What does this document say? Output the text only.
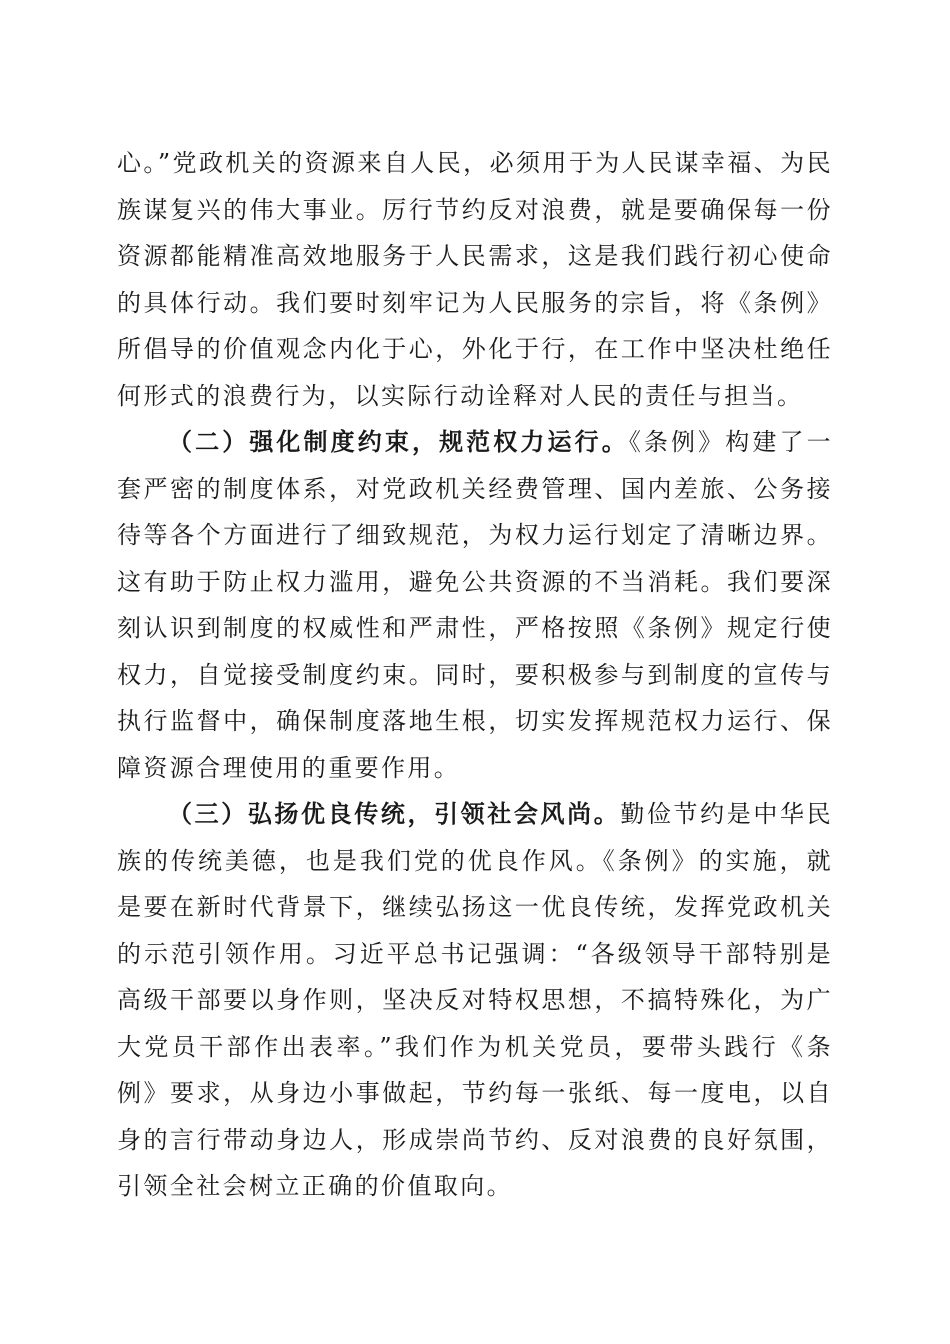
心。”党政机关的资源来自人民，必须用于为人民谋幸福、为民族谋复兴的伟大事业。厉行节约反对浪费，就是要确保每一份资源都能精准高效地服务于人民需求，这是我们践行初心使命的具体行动。我们要时刻牢记为人民服务的宗旨，将《条例》所倡导的价值观念内化于心，外化于行，在工作中坚决杜绝任何形式的浪费行为，以实际行动诠释对人民的责任与担当。

（二）强化制度约束，规范权力运行。《条例》构建了一套严密的制度体系，对党政机关经费管理、国内差旅、公务接待等各个方面进行了细致规范，为权力运行划定了清晰边界。这有助于防止权力滥用，避免公共资源的不当消耗。我们要深刻认识到制度的权威性和严肃性，严格按照《条例》规定行使权力，自觉接受制度约束。同时，要积极参与到制度的宣传与执行监督中，确保制度落地生根，切实发挥规范权力运行、保障资源合理使用的重要作用。

（三）弘扬优良传统，引领社会风尚。勤俭节约是中华民族的传统美德，也是我们党的优良作风。《条例》的实施，就是要在新时代背景下，继续弘扬这一优良传统，发挥党政机关的示范引领作用。习近平总书记强调：“各级领导干部特别是高级干部要以身作则，坚决反对特权思想，不搞特殊化，为广大党员干部作出表率。”我们作为机关党员，要带头践行《条例》要求，从身边小事做起，节约每一张纸、每一度电，以自身的言行带动身边人，形成崇尚节约、反对浪费的良好氛围，引领全社会树立正确的价值取向。
